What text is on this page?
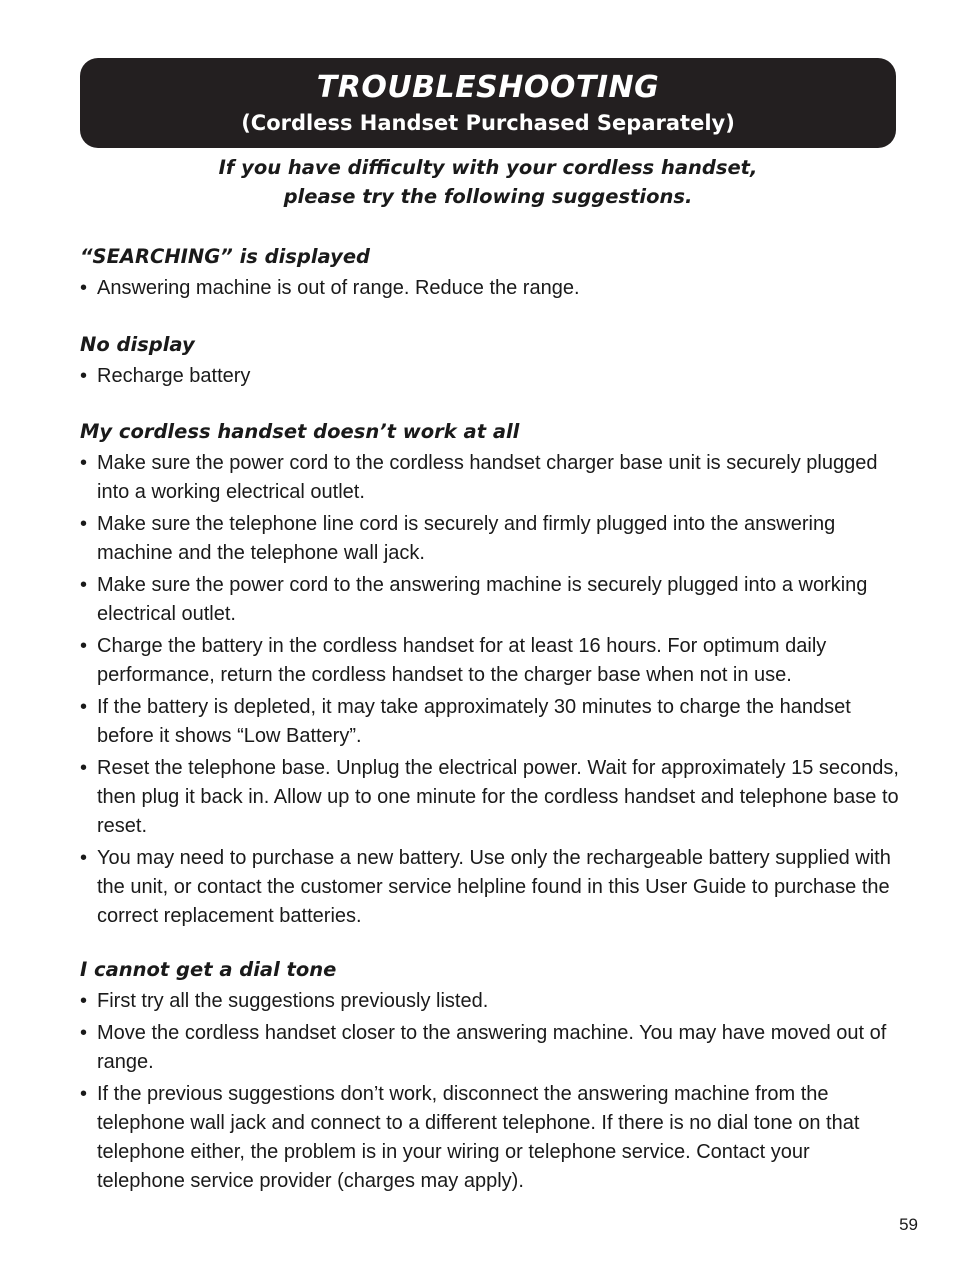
TROUBLESHOOTING
(Cordless Handset Purchased Separately)
If you have difficulty with your cordless handset,
please try the following suggestions.
“SEARCHING” is displayed
• Answering machine is out of range. Reduce the range.
No display
• Recharge battery
My cordless handset doesn’t work at all
• Make sure the power cord to the cordless handset charger base unit is securely plugged into a working electrical outlet.
• Make sure the telephone line cord is securely and firmly plugged into the answering machine and the telephone wall jack.
• Make sure the power cord to the answering machine is securely plugged into a working electrical outlet.
• Charge the battery in the cordless handset for at least 16 hours. For optimum daily performance, return the cordless handset to the charger base when not in use.
• If the battery is depleted, it may take approximately 30 minutes to charge the handset before it shows “Low Battery”.
• Reset the telephone base. Unplug the electrical power. Wait for approximately 15 seconds, then plug it back in. Allow up to one minute for the cordless handset and telephone base to reset.
• You may need to purchase a new battery. Use only the rechargeable battery supplied with the unit, or contact the customer service helpline found in this User Guide to purchase the correct replacement batteries.
I cannot get a dial tone
• First try all the suggestions previously listed.
• Move the cordless handset closer to the answering machine. You may have moved out of range.
• If the previous suggestions don’t work, disconnect the answering machine from the telephone wall jack and connect to a different telephone. If there is no dial tone on that telephone either, the problem is in your wiring or telephone service. Contact your telephone service provider (charges may apply).
59
